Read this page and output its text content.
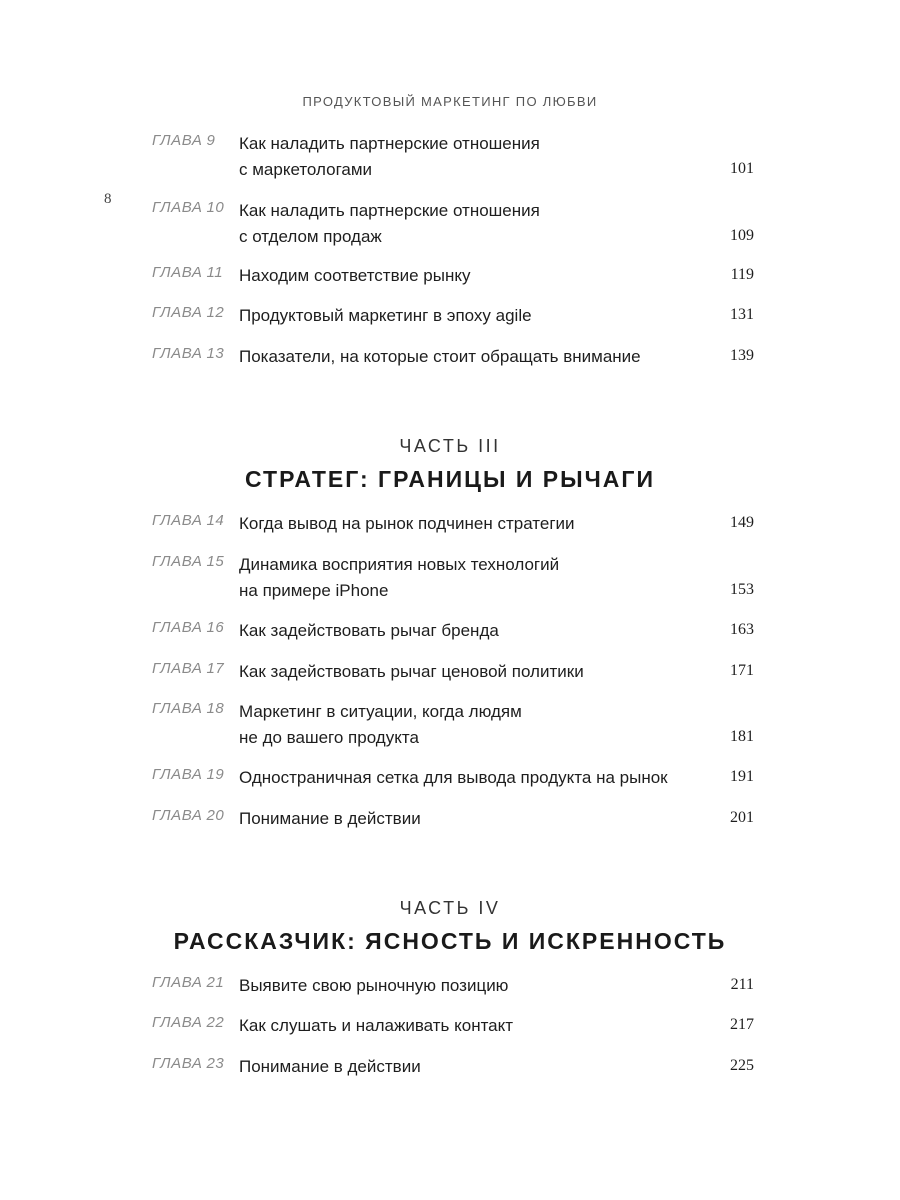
ПРОДУКТОВЫЙ МАРКЕТИНГ ПО ЛЮБВИ
8
ЧАСТЬ III
СТРАТЕГ: ГРАНИЦЫ И РЫЧАГИ
ЧАСТЬ IV
РАССКАЗЧИК: ЯСНОСТЬ И ИСКРЕННОСТЬ
ГЛАВА 9	Как наладить партнерские отношения
с маркетологами	101
ГЛАВА 10 Как наладить партнерские отношения
с отделом продаж	109
ГЛАВА 11 Находим соответствие рынку	119
ГЛАВА 12 Продуктовый маркетинг в эпоху agile	131
ГЛАВА 13 Показатели, на которые стоит обращать внимание	139
ГЛАВА 14 Когда вывод на рынок подчинен стратегии	149
ГЛАВА 15 Динамика восприятия новых технологий
на примере iPhone	153
ГЛАВА 16 Как задействовать рычаг бренда	163
ГЛАВА 17 Как задействовать рычаг ценовой политики	171
ГЛАВА 18 Маркетинг в ситуации, когда людям
не до вашего продукта	181
ГЛАВА 19 Одностраничная сетка для вывода продукта на рынок	191
ГЛАВА 20 Понимание в действии	201
ГЛАВА 21 Выявите свою рыночную позицию	211
ГЛАВА 22 Как слушать и налаживать контакт	217
ГЛАВА 23 Понимание в действии	225
